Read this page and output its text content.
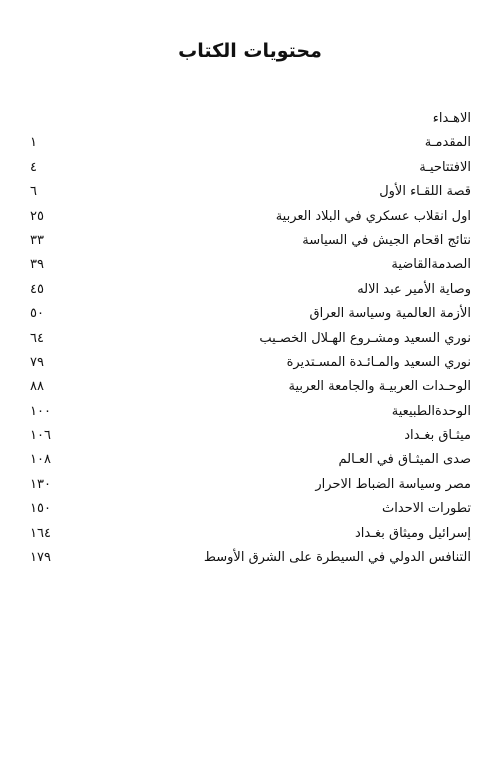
محتويات الكتاب
الاهـداء
المقدمـة
١
الافتتاحيـة
٤
قصة اللقـاء الأول
٦
اول انقلاب عسكري في البلاد العربية
٢٥
نتائج اقحام الجيش في السياسة
٣٣
الصدمةالقاضية
٣٩
وصاية الأمير عبد الاله
٤٥
الأزمة العالمية وسياسة العراق
٥٠
نوري السعيد ومشـروع الهـلال الخصـيب
٦٤
نوري السعيد والمـائـدة المسـتديرة
٧٩
الوحـدات العربيـة والجامعة العربية
٨٨
الوحدةالطبيعية
١٠٠
ميثـاق بغـداد
١٠٦
صدى الميثـاق في العـالم
١٠٨
مصر وسياسة الضباط الاحرار
١٣٠
تطورات الاحداث
١٥٠
إسرائيل وميثاق بغـداد
١٦٤
التنافس الدولي في السيطرة على الشرق الأوسط
١٧٩
